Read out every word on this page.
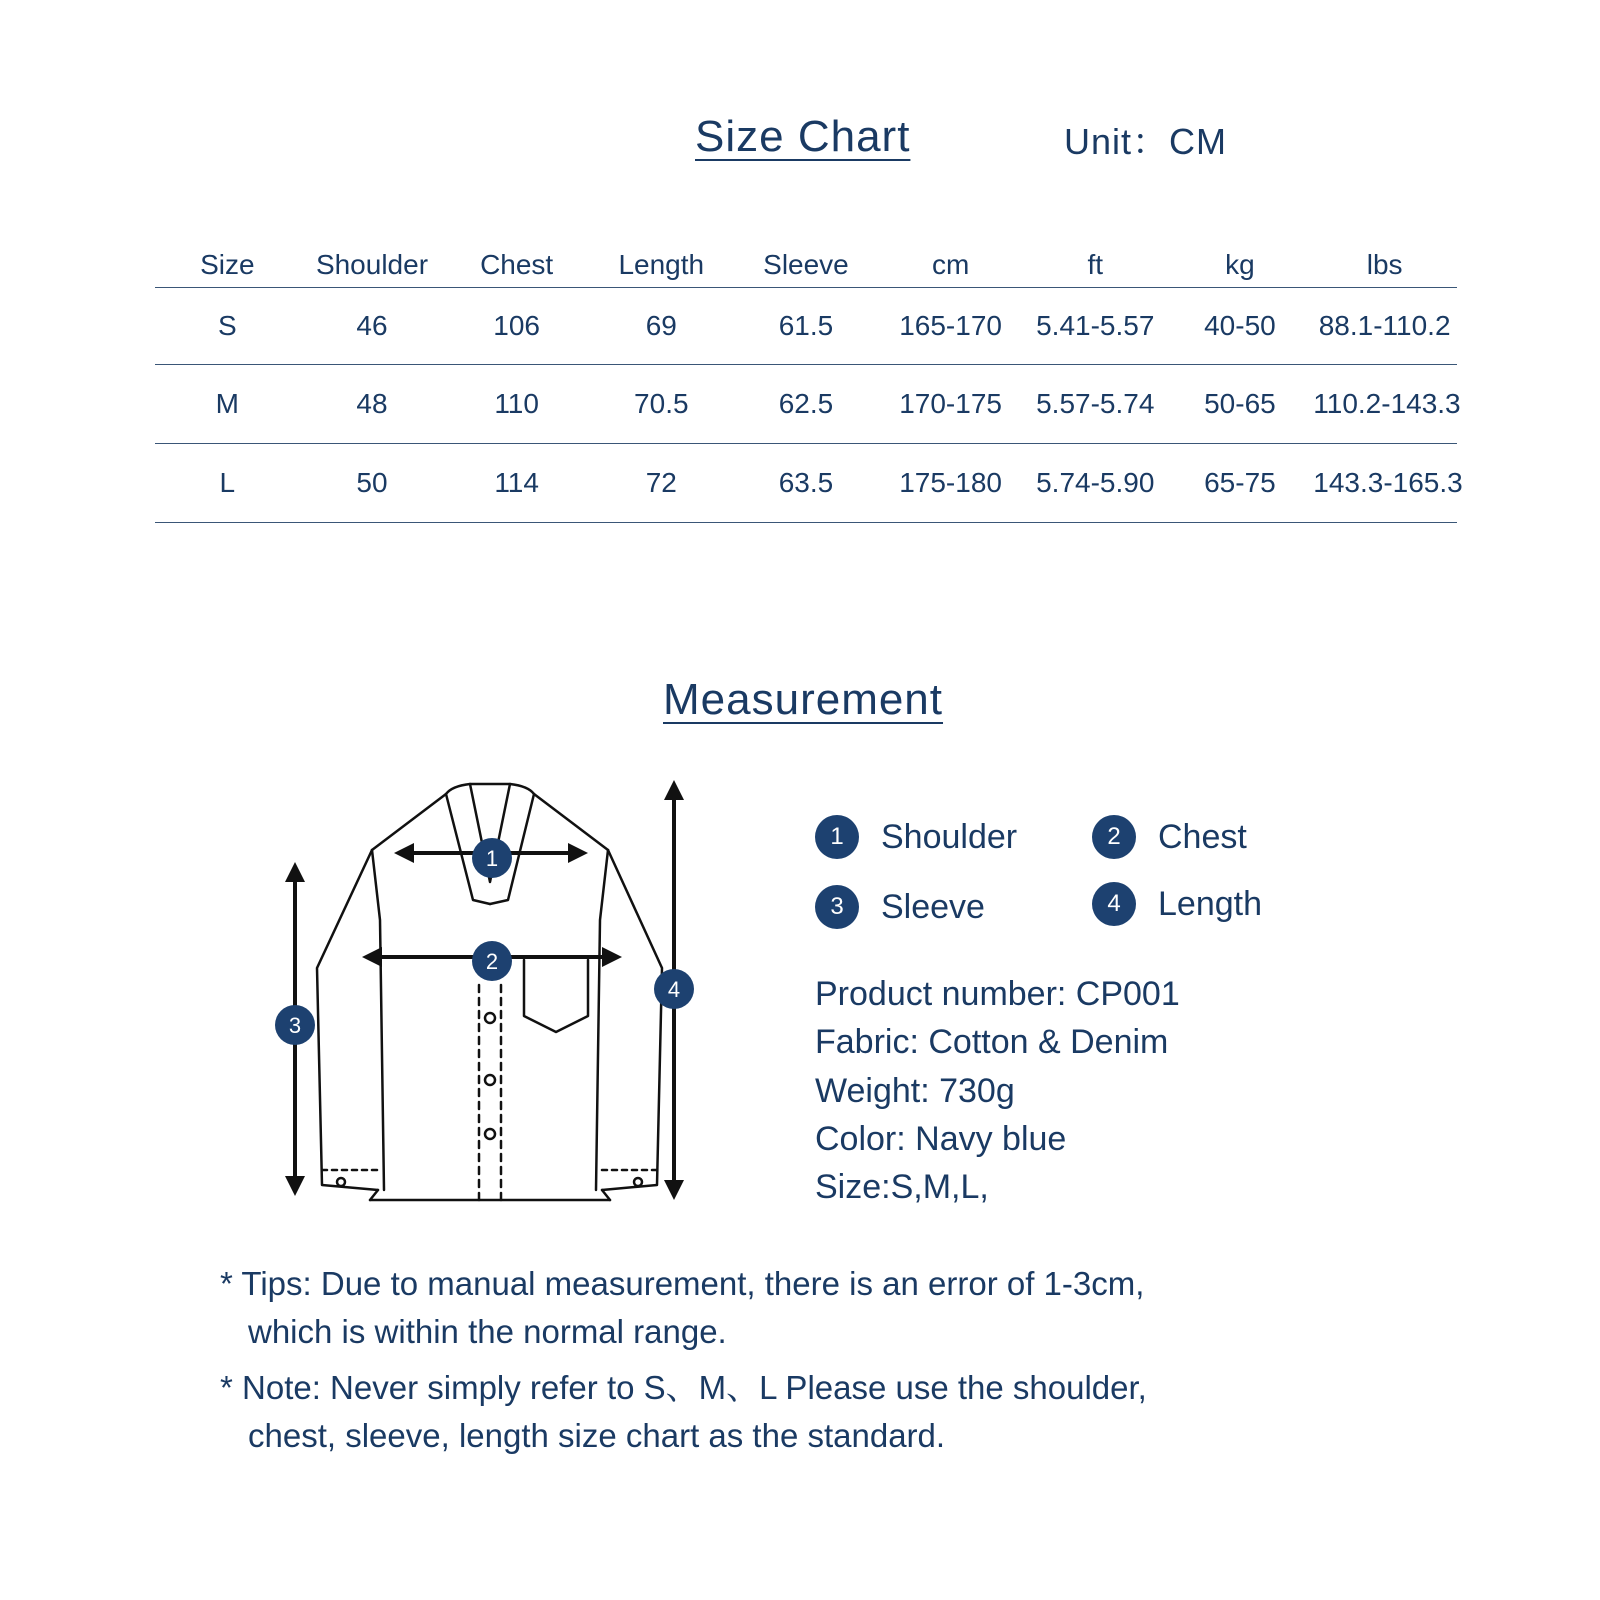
Size Chart	Unit：CM
Size	Shoulder	Chest	Length	Sleeve	cm	ft	kg	lbs
S	46	106	69	61.5	165-170	5.41-5.57	40-50	88.1-110.2
M	48	110	70.5	62.5	170-175	5.57-5.74	50-65	110.2-143.3
L	50	114	72	63.5	175-180	5.74-5.90	65-75	143.3-165.3
Measurement
1
2
3
4
1	Shoulder	2	Chest
3	Sleeve	4	Length
Product number: CP001
Fabric: Cotton & Denim
Weight: 730g
Color: Navy blue
Size:S,M,L,
* Tips: Due to manual measurement, there is an error of 1-3cm,
which is within the normal range.
* Note: Never simply refer to S、M、L Please use the shoulder,
chest, sleeve, length size chart as the standard.
